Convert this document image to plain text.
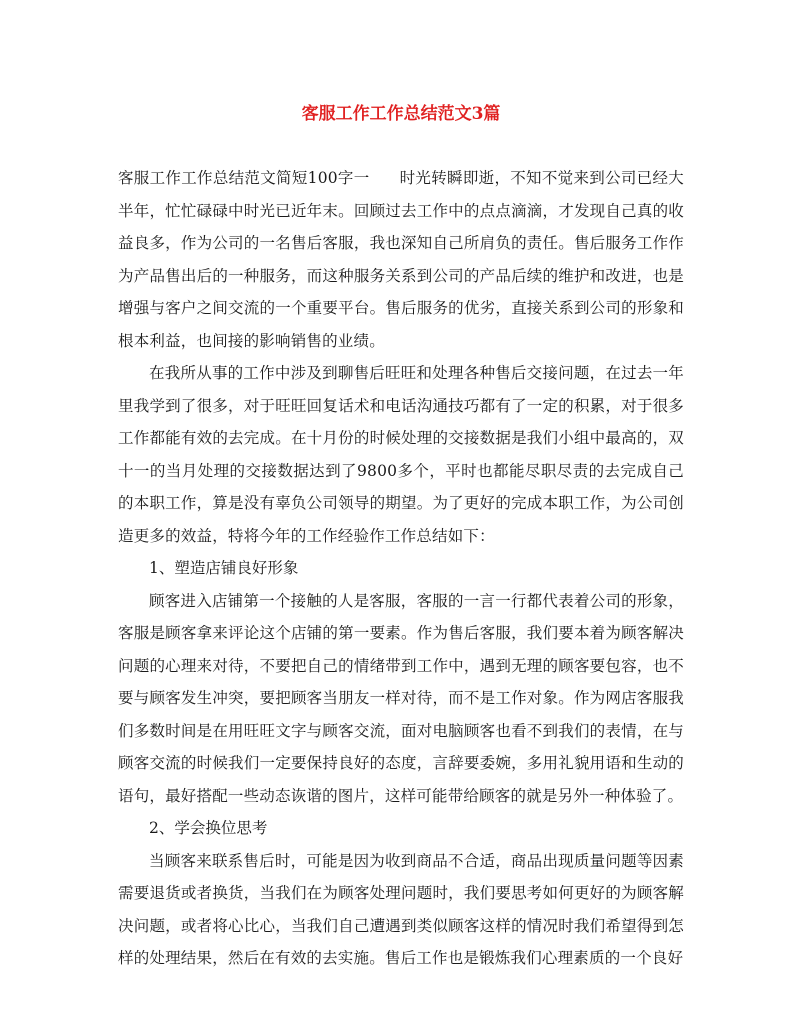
客服工作工作总结范文3篇

客服工作工作总结范文简短100字一 时光转瞬即逝，不知不觉来到公司已经大半年，忙忙碌碌中时光已近年末。回顾过去工作中的点点滴滴，才发现自己真的收益良多，作为公司的一名售后客服，我也深知自己所肩负的责任。售后服务工作作为产品售出后的一种服务，而这种服务关系到公司的产品后续的维护和改进，也是增强与客户之间交流的一个重要平台。售后服务的优劣，直接关系到公司的形象和根本利益，也间接的影响销售的业绩。

在我所从事的工作中涉及到聊售后旺旺和处理各种售后交接问题，在过去一年里我学到了很多，对于旺旺回复话术和电话沟通技巧都有了一定的积累，对于很多工作都能有效的去完成。在十月份的时候处理的交接数据是我们小组中最高的，双十一的当月处理的交接数据达到了9800多个，平时也都能尽职尽责的去完成自己的本职工作，算是没有辜负公司领导的期望。为了更好的完成本职工作，为公司创造更多的效益，特将今年的工作经验作工作总结如下：

1、塑造店铺良好形象

顾客进入店铺第一个接触的人是客服，客服的一言一行都代表着公司的形象，客服是顾客拿来评论这个店铺的第一要素。作为售后客服，我们要本着为顾客解决问题的心理来对待，不要把自己的情绪带到工作中，遇到无理的顾客要包容，也不要与顾客发生冲突，要把顾客当朋友一样对待，而不是工作对象。作为网店客服我们多数时间是在用旺旺文字与顾客交流，面对电脑顾客也看不到我们的表情，在与顾客交流的时候我们一定要保持良好的态度，言辞要委婉，多用礼貌用语和生动的语句，最好搭配一些动态诙谐的图片，这样可能带给顾客的就是另外一种体验了。

2、学会换位思考

当顾客来联系售后时，可能是因为收到商品不合适，商品出现质量问题等因素需要退货或者换货，当我们在为顾客处理问题时，我们要思考如何更好的为顾客解决问题，或者将心比心，当我们自己遭遇到类似顾客这样的情况时我们希望得到怎样的处理结果，然后在有效的去实施。售后工作也是锻炼我们心理素质的一个良好
